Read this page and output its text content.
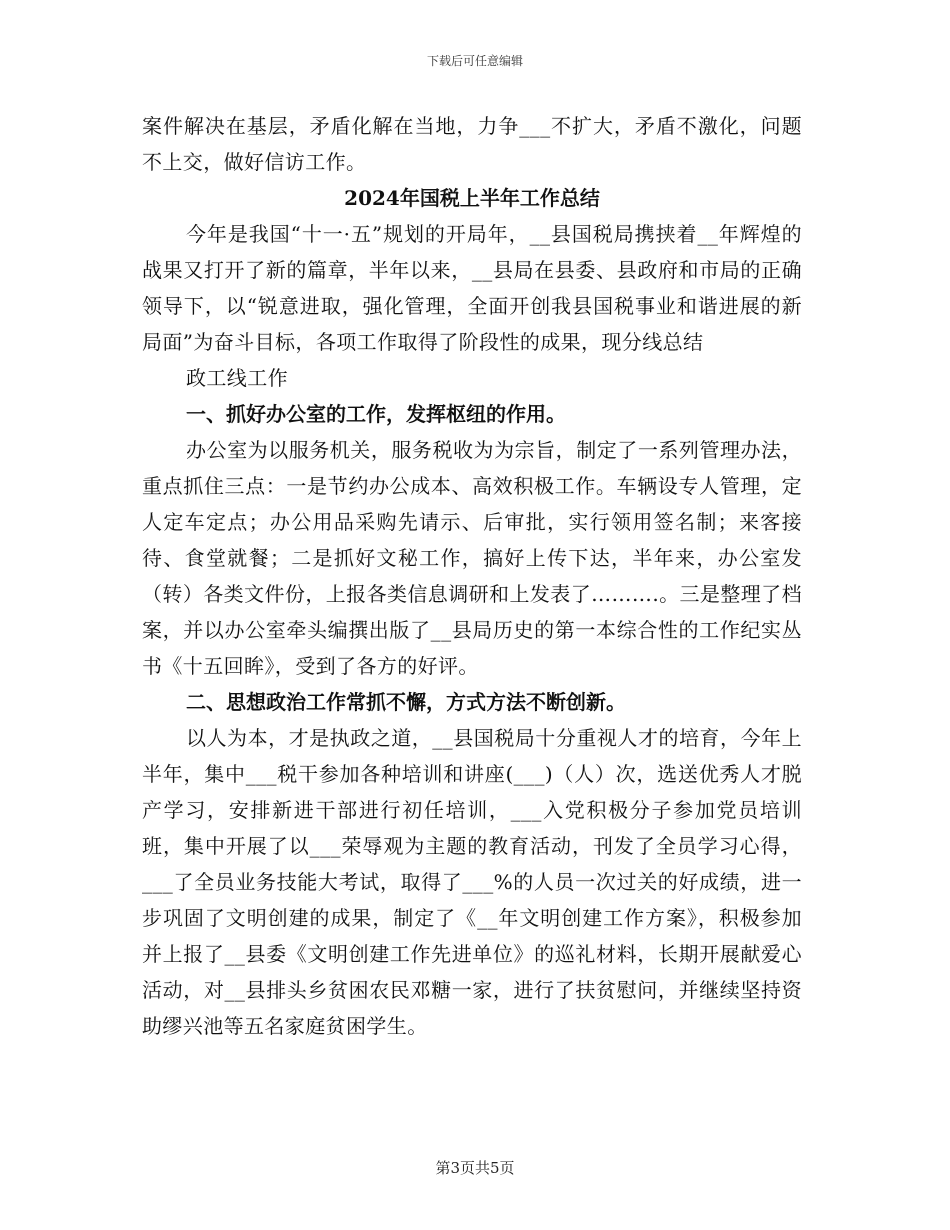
下载后可任意编辑

案件解决在基层，矛盾化解在当地，力争___不扩大，矛盾不激化，问题不上交，做好信访工作。

2024年国税上半年工作总结

今年是我国“十一·五”规划的开局年，__县国税局携挟着__年辉煌的战果又打开了新的篇章，半年以来，__县局在县委、县政府和市局的正确领导下，以“锐意进取，强化管理，全面开创我县国税事业和谐进展的新局面”为奋斗目标，各项工作取得了阶段性的成果，现分线总结

政工线工作

一、抓好办公室的工作，发挥枢纽的作用。

办公室为以服务机关，服务税收为为宗旨，制定了一系列管理办法，重点抓住三点：一是节约办公成本、高效积极工作。车辆设专人管理，定人定车定点；办公用品采购先请示、后审批，实行领用签名制；来客接待、食堂就餐；二是抓好文秘工作，搞好上传下达，半年来，办公室发（转）各类文件份，上报各类信息调研和上发表了……….。三是整理了档案，并以办公室牵头编撰出版了__县局历史的第一本综合性的工作纪实丛书《十五回眸》，受到了各方的好评。

二、思想政治工作常抓不懈，方式方法不断创新。

以人为本，才是执政之道，__县国税局十分重视人才的培育，今年上半年，集中___税干参加各种培训和讲座(___)（人）次，选送优秀人才脱产学习，安排新进干部进行初任培训，___入党积极分子参加党员培训班，集中开展了以___荣辱观为主题的教育活动，刊发了全员学习心得，___了全员业务技能大考试，取得了___%的人员一次过关的好成绩，进一步巩固了文明创建的成果，制定了《__年文明创建工作方案》，积极参加并上报了__县委《文明创建工作先进单位》的巡礼材料，长期开展献爱心活动，对__县排头乡贫困农民邓糖一家，进行了扶贫慰问，并继续坚持资助缪兴池等五名家庭贫困学生。

第3页共5页
